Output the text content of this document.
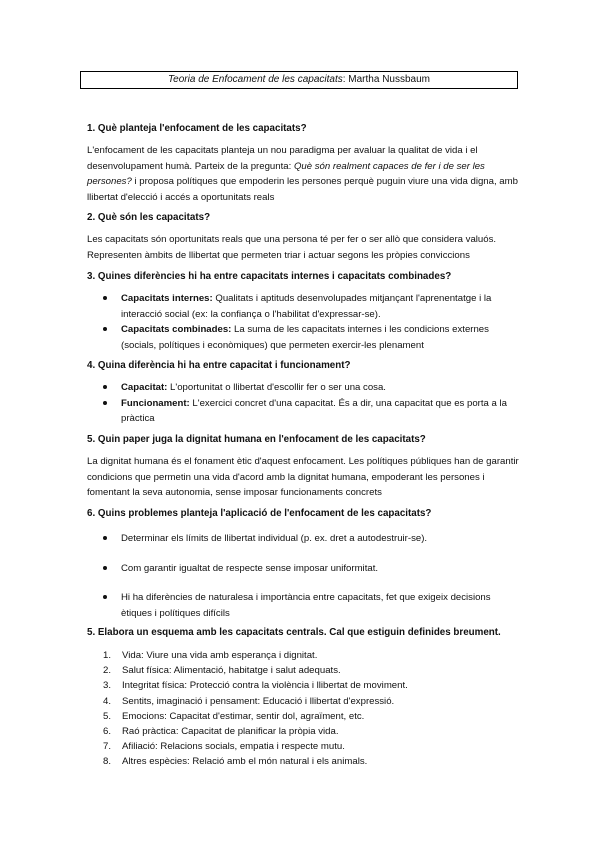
Teoria de Enfocament de les capacitats: Martha Nussbaum
1. Què planteja l'enfocament de les capacitats?
L'enfocament de les capacitats planteja un nou paradigma per avaluar la qualitat de vida i el desenvolupament humà. Parteix de la pregunta: Què són realment capaces de fer i de ser les persones? i proposa polítiques que empoderin les persones perquè puguin viure una vida digna, amb llibertat d'elecció i accés a oportunitats reals
2. Què són les capacitats?
Les capacitats són oportunitats reals que una persona té per fer o ser allò que considera valuós. Representen àmbits de llibertat que permeten triar i actuar segons les pròpies conviccions
3. Quines diferències hi ha entre capacitats internes i capacitats combinades?
Capacitats internes: Qualitats i aptituds desenvolupades mitjançant l'aprenentatge i la interacció social (ex: la confiança o l'habilitat d'expressar-se).
Capacitats combinades: La suma de les capacitats internes i les condicions externes (socials, polítiques i econòmiques) que permeten exercir-les plenament
4. Quina diferència hi ha entre capacitat i funcionament?
Capacitat: L'oportunitat o llibertat d'escollir fer o ser una cosa.
Funcionament: L'exercici concret d'una capacitat. És a dir, una capacitat que es porta a la pràctica
5. Quin paper juga la dignitat humana en l'enfocament de les capacitats?
La dignitat humana és el fonament ètic d'aquest enfocament. Les polítiques públiques han de garantir condicions que permetin una vida d'acord amb la dignitat humana, empoderant les persones i fomentant la seva autonomia, sense imposar funcionaments concrets
6. Quins problemes planteja l'aplicació de l'enfocament de les capacitats?
Determinar els límits de llibertat individual (p. ex. dret a autodestruir-se).
Com garantir igualtat de respecte sense imposar uniformitat.
Hi ha diferències de naturalesa i importància entre capacitats, fet que exigeix decisions ètiques i polítiques difícils
5. Elabora un esquema amb les capacitats centrals. Cal que estiguin definides breument.
1. Vida: Viure una vida amb esperança i dignitat.
2. Salut física: Alimentació, habitatge i salut adequats.
3. Integritat física: Protecció contra la violència i llibertat de moviment.
4. Sentits, imaginació i pensament: Educació i llibertat d'expressió.
5. Emocions: Capacitat d'estimar, sentir dol, agraïment, etc.
6. Raó pràctica: Capacitat de planificar la pròpia vida.
7. Afiliació: Relacions socials, empatia i respecte mutu.
8. Altres espècies: Relació amb el món natural i els animals.
